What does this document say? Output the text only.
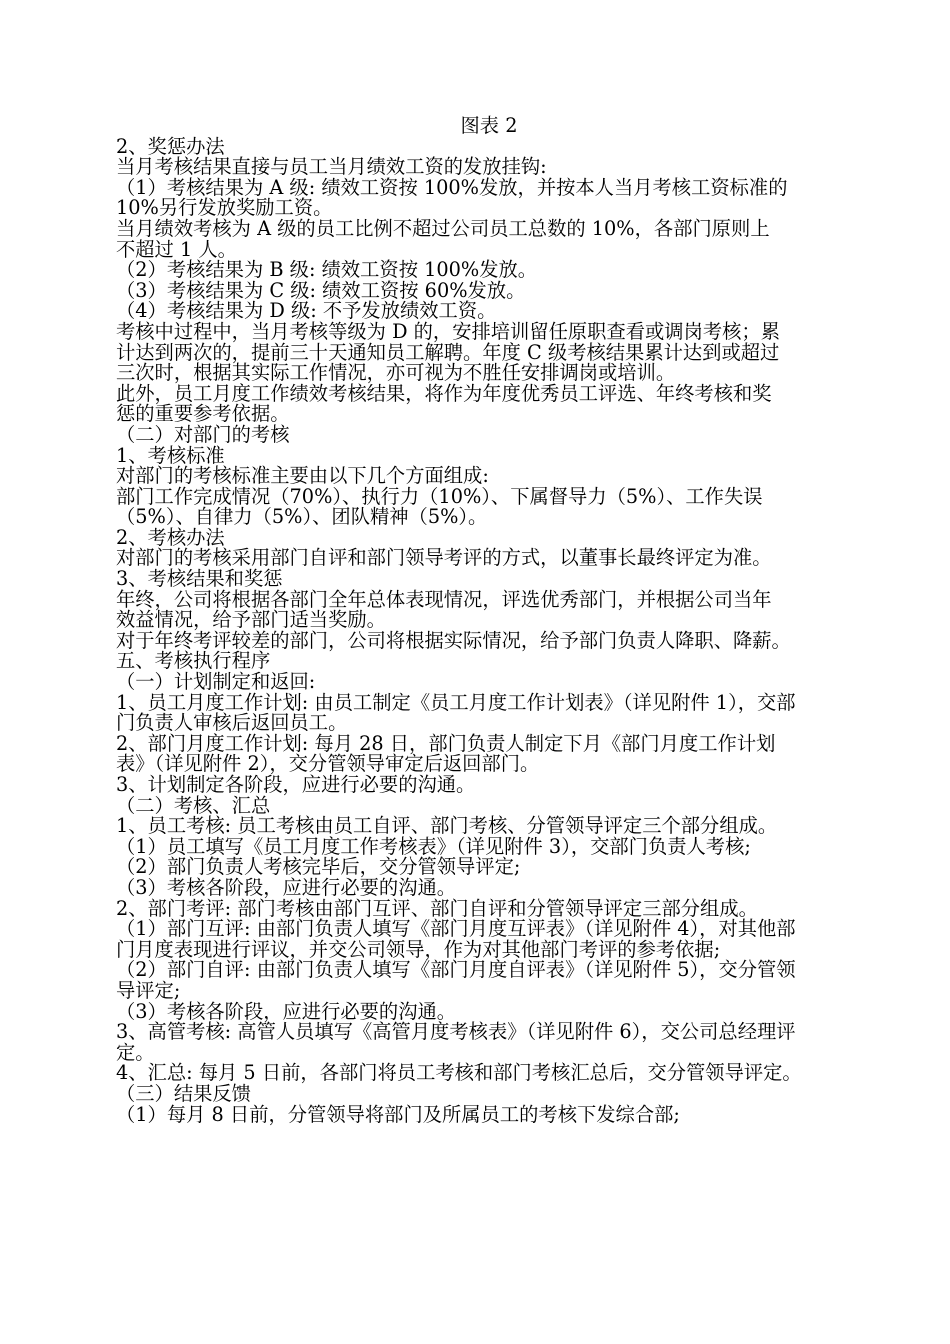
图表 2
2、奖惩办法
当月考核结果直接与员工当月绩效工资的发放挂钩:
（1）考核结果为 A 级: 绩效工资按 100%发放，并按本人当月考核工资标准的
10%另行发放奖励工资。
当月绩效考核为 A 级的员工比例不超过公司员工总数的 10%，各部门原则上
不超过 1 人。
（2）考核结果为 B 级: 绩效工资按 100%发放。
（3）考核结果为 C 级: 绩效工资按 60%发放。
（4）考核结果为 D 级: 不予发放绩效工资。
考核中过程中，当月考核等级为 D 的，安排培训留任原职查看或调岗考核；累
计达到两次的，提前三十天通知员工解聘。年度 C 级考核结果累计达到或超过
三次时，根据其实际工作情况，亦可视为不胜任安排调岗或培训。
此外，员工月度工作绩效考核结果，将作为年度优秀员工评选、年终考核和奖
惩的重要参考依据。
（二）对部门的考核
1、考核标准
对部门的考核标准主要由以下几个方面组成:
部门工作完成情况（70%）、执行力（10%）、下属督导力（5%）、工作失误
（5%）、自律力（5%）、团队精神（5%）。
2、考核办法
对部门的考核采用部门自评和部门领导考评的方式，以董事长最终评定为准。
3、考核结果和奖惩
年终，公司将根据各部门全年总体表现情况，评选优秀部门，并根据公司当年
效益情况，给予部门适当奖励。
对于年终考评较差的部门，公司将根据实际情况，给予部门负责人降职、降薪。
五、考核执行程序
（一）计划制定和返回:
1、员工月度工作计划: 由员工制定《员工月度工作计划表》（详见附件 1），交部
门负责人审核后返回员工。
2、部门月度工作计划: 每月 28 日，部门负责人制定下月《部门月度工作计划
表》（详见附件 2），交分管领导审定后返回部门。
3、计划制定各阶段，应进行必要的沟通。
（二）考核、汇总
1、员工考核: 员工考核由员工自评、部门考核、分管领导评定三个部分组成。
（1）员工填写《员工月度工作考核表》（详见附件 3），交部门负责人考核;
（2）部门负责人考核完毕后，交分管领导评定;
（3）考核各阶段，应进行必要的沟通。
2、部门考评: 部门考核由部门互评、部门自评和分管领导评定三部分组成。
（1）部门互评: 由部门负责人填写《部门月度互评表》（详见附件 4），对其他部
门月度表现进行评议，并交公司领导，作为对其他部门考评的参考依据;
（2）部门自评: 由部门负责人填写《部门月度自评表》（详见附件 5），交分管领
导评定;
（3）考核各阶段，应进行必要的沟通。
3、高管考核: 高管人员填写《高管月度考核表》（详见附件 6），交公司总经理评
定。
4、汇总: 每月 5 日前，各部门将员工考核和部门考核汇总后，交分管领导评定。
（三）结果反馈
（1）每月 8 日前，分管领导将部门及所属员工的考核下发综合部;
